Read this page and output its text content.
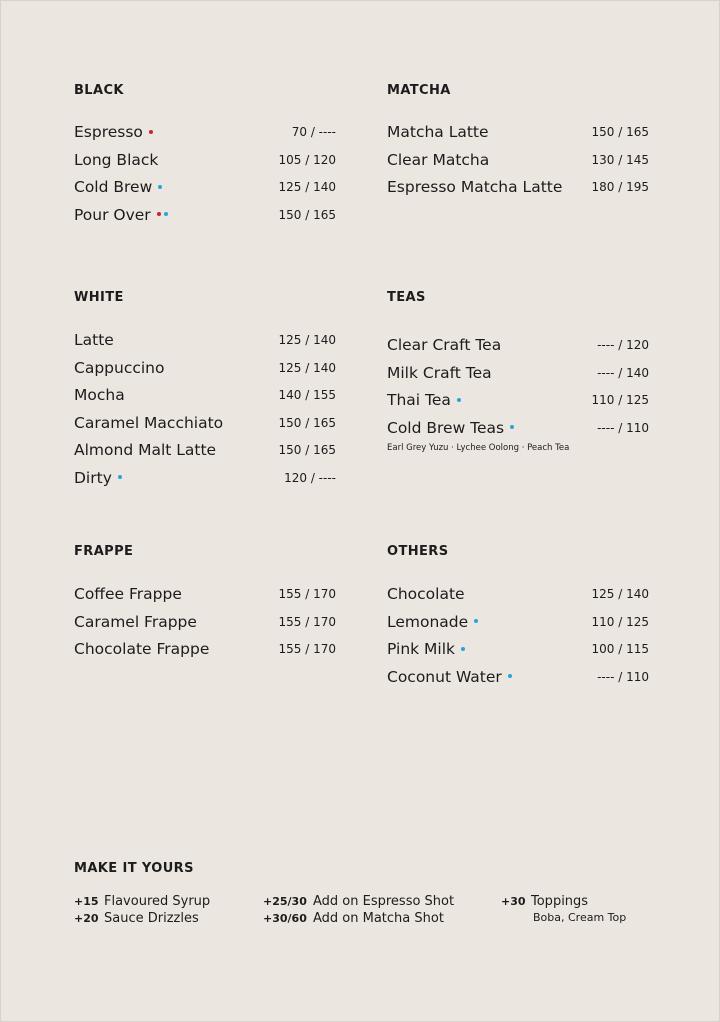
BLACK
Espresso	70 / ----
Long Black	105 / 120
Cold Brew	125 / 140
Pour Over	150 / 165
MATCHA
Matcha Latte	150 / 165
Clear Matcha	130 / 145
Espresso Matcha Latte 180 / 195
WHITE
Latte	125 / 140
Cappuccino	125 / 140
Mocha	140 / 155
Caramel Macchiato	150 / 165
Almond Malt Latte	150 / 165
Dirty	120 / ----
TEAS
Clear Craft Tea	---- / 120
Milk Craft Tea	---- / 140
Thai Tea	110 / 125
Cold Brew Teas	---- / 110
Earl Grey Yuzu · Lychee Oolong · Peach Tea
FRAPPE
Coffee Frappe	155 / 170
Caramel Frappe	155 / 170
Chocolate Frappe	155 / 170
OTHERS
Chocolate	125 / 140
Lemonade	110 / 125
Pink Milk	100 / 115
Coconut Water	---- / 110
MAKE IT YOURS
+15 Flavoured Syrup
+20 Sauce Drizzles
+25/30 Add on Espresso Shot
+30/60 Add on Matcha Shot
+30 Toppings
Boba, Cream Top
